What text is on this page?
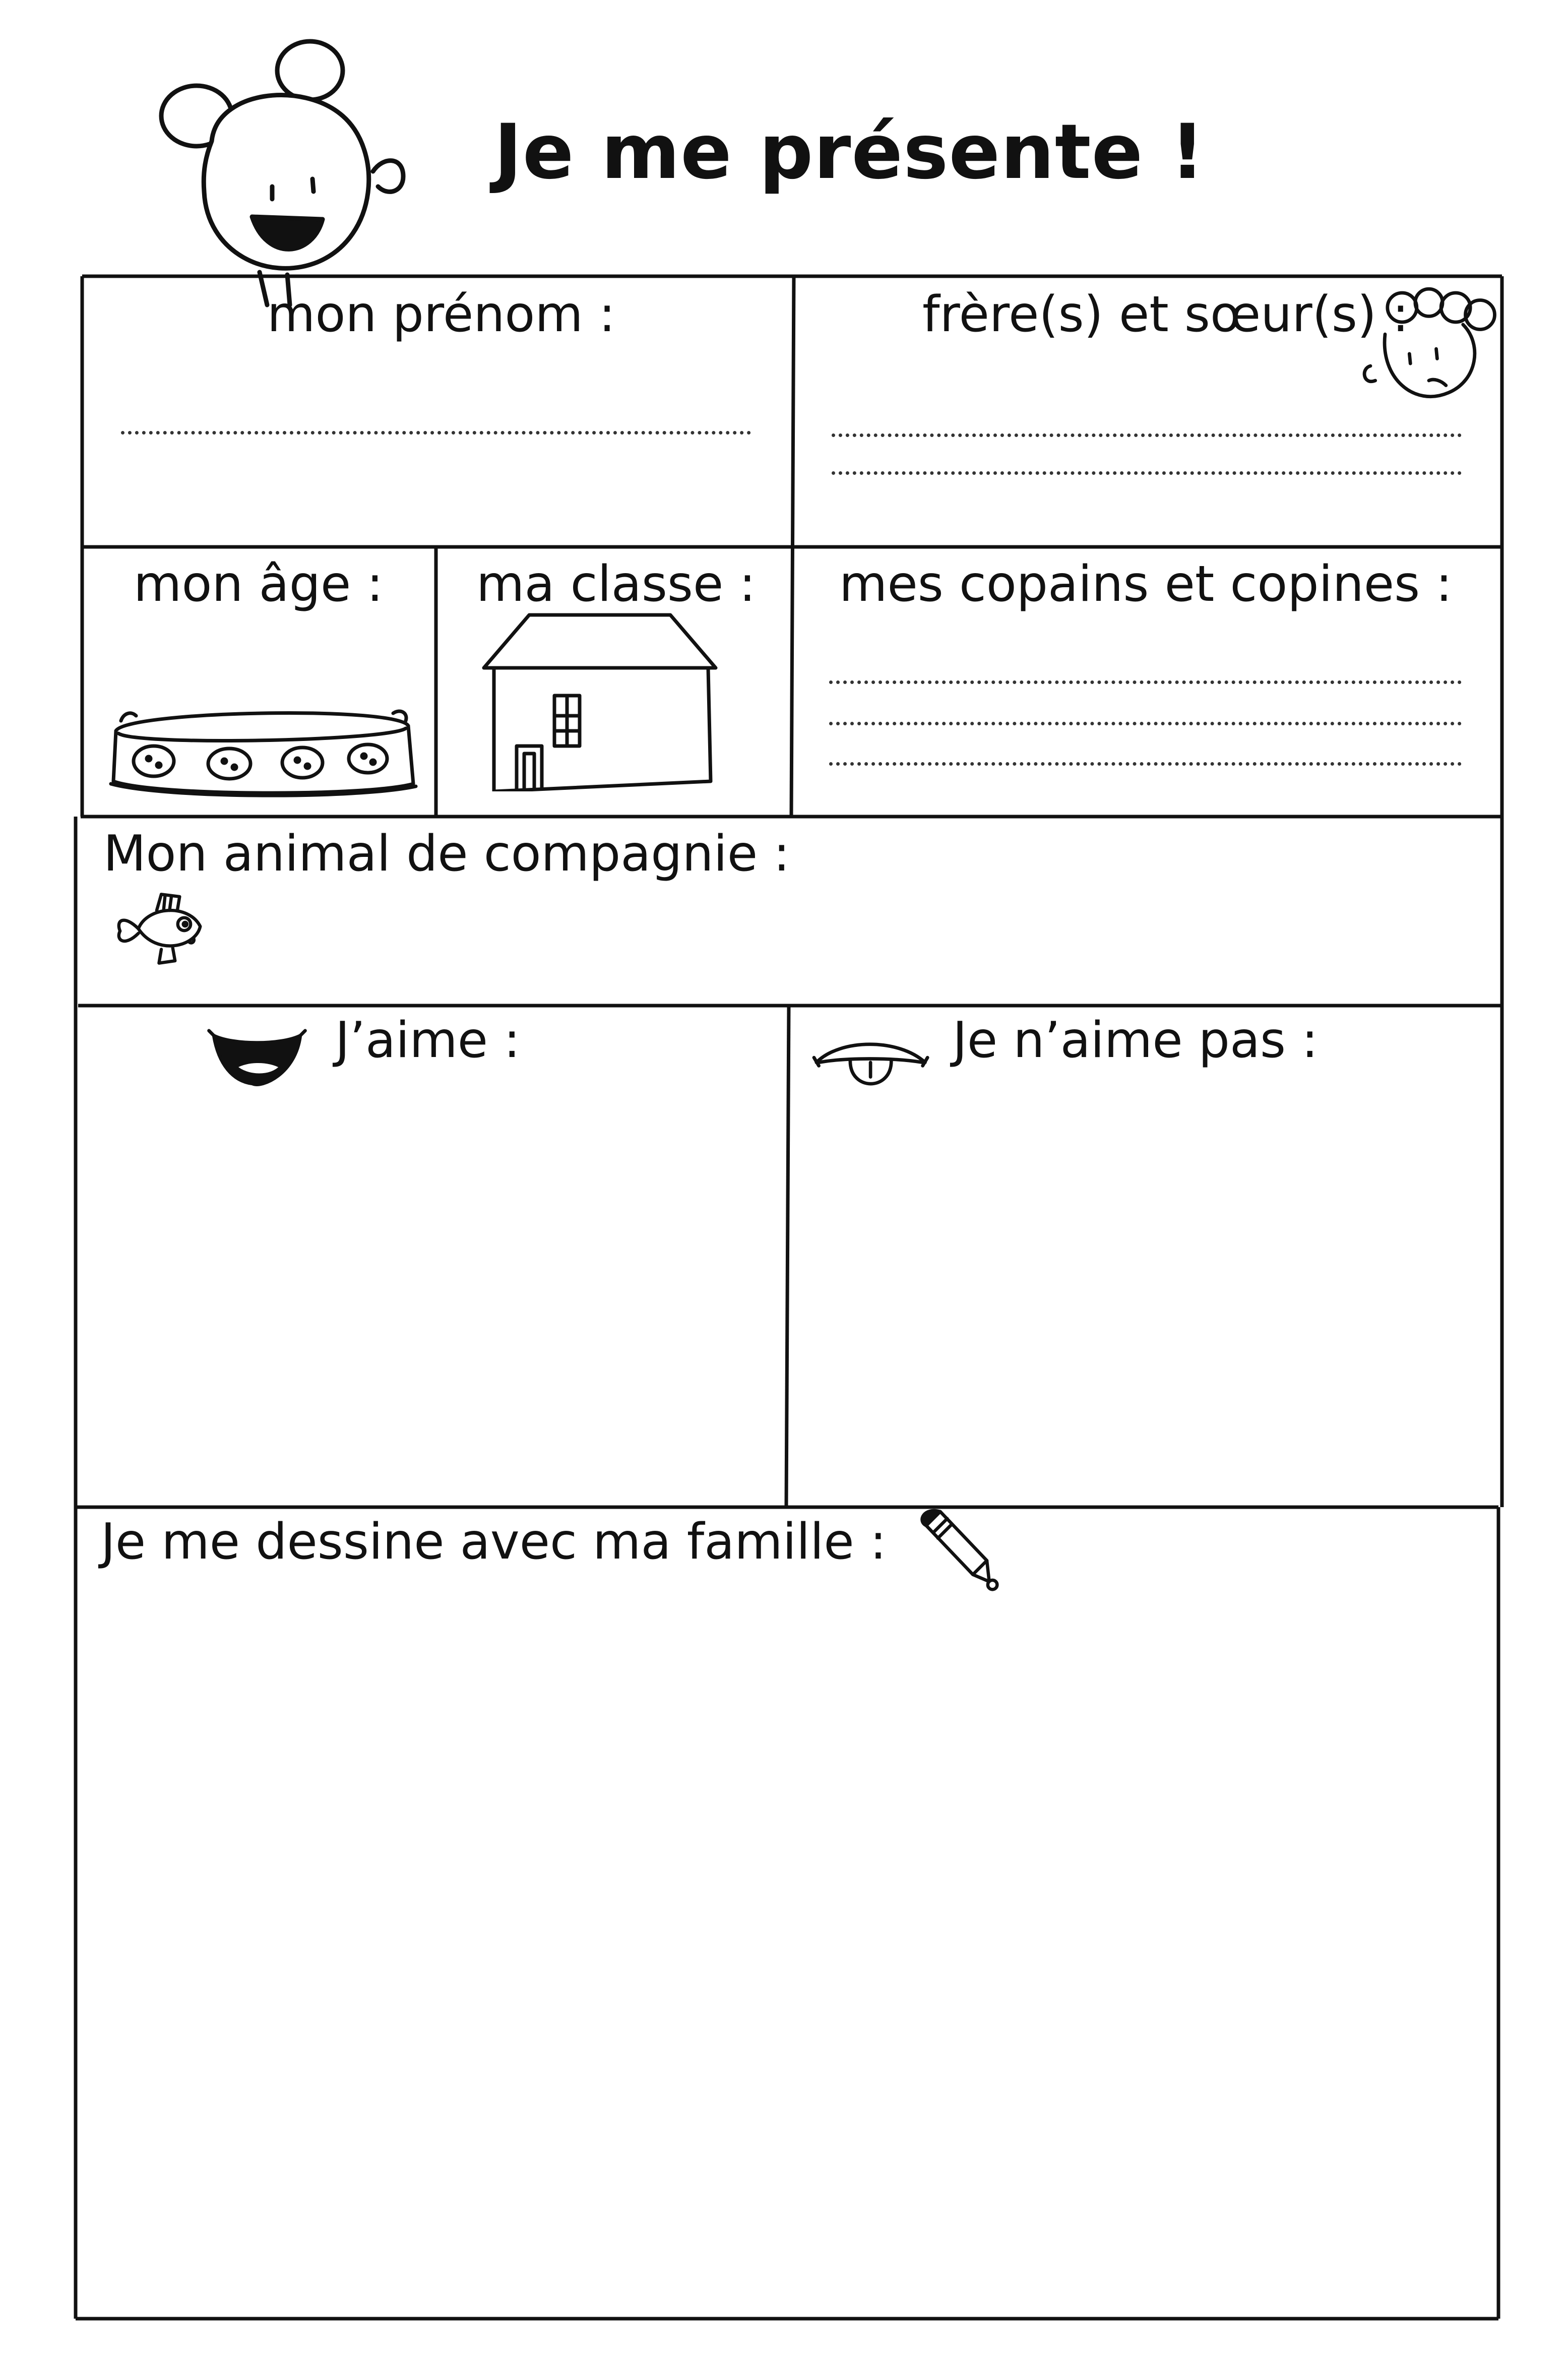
Je me présente !
mon prénom :	frère(s) et sœur(s) :
mon âge : ma classe : mes copains et copines :
Mon animal de compagnie :
J’aime :	Je n’aime pas :
Je me dessine avec ma famille :
